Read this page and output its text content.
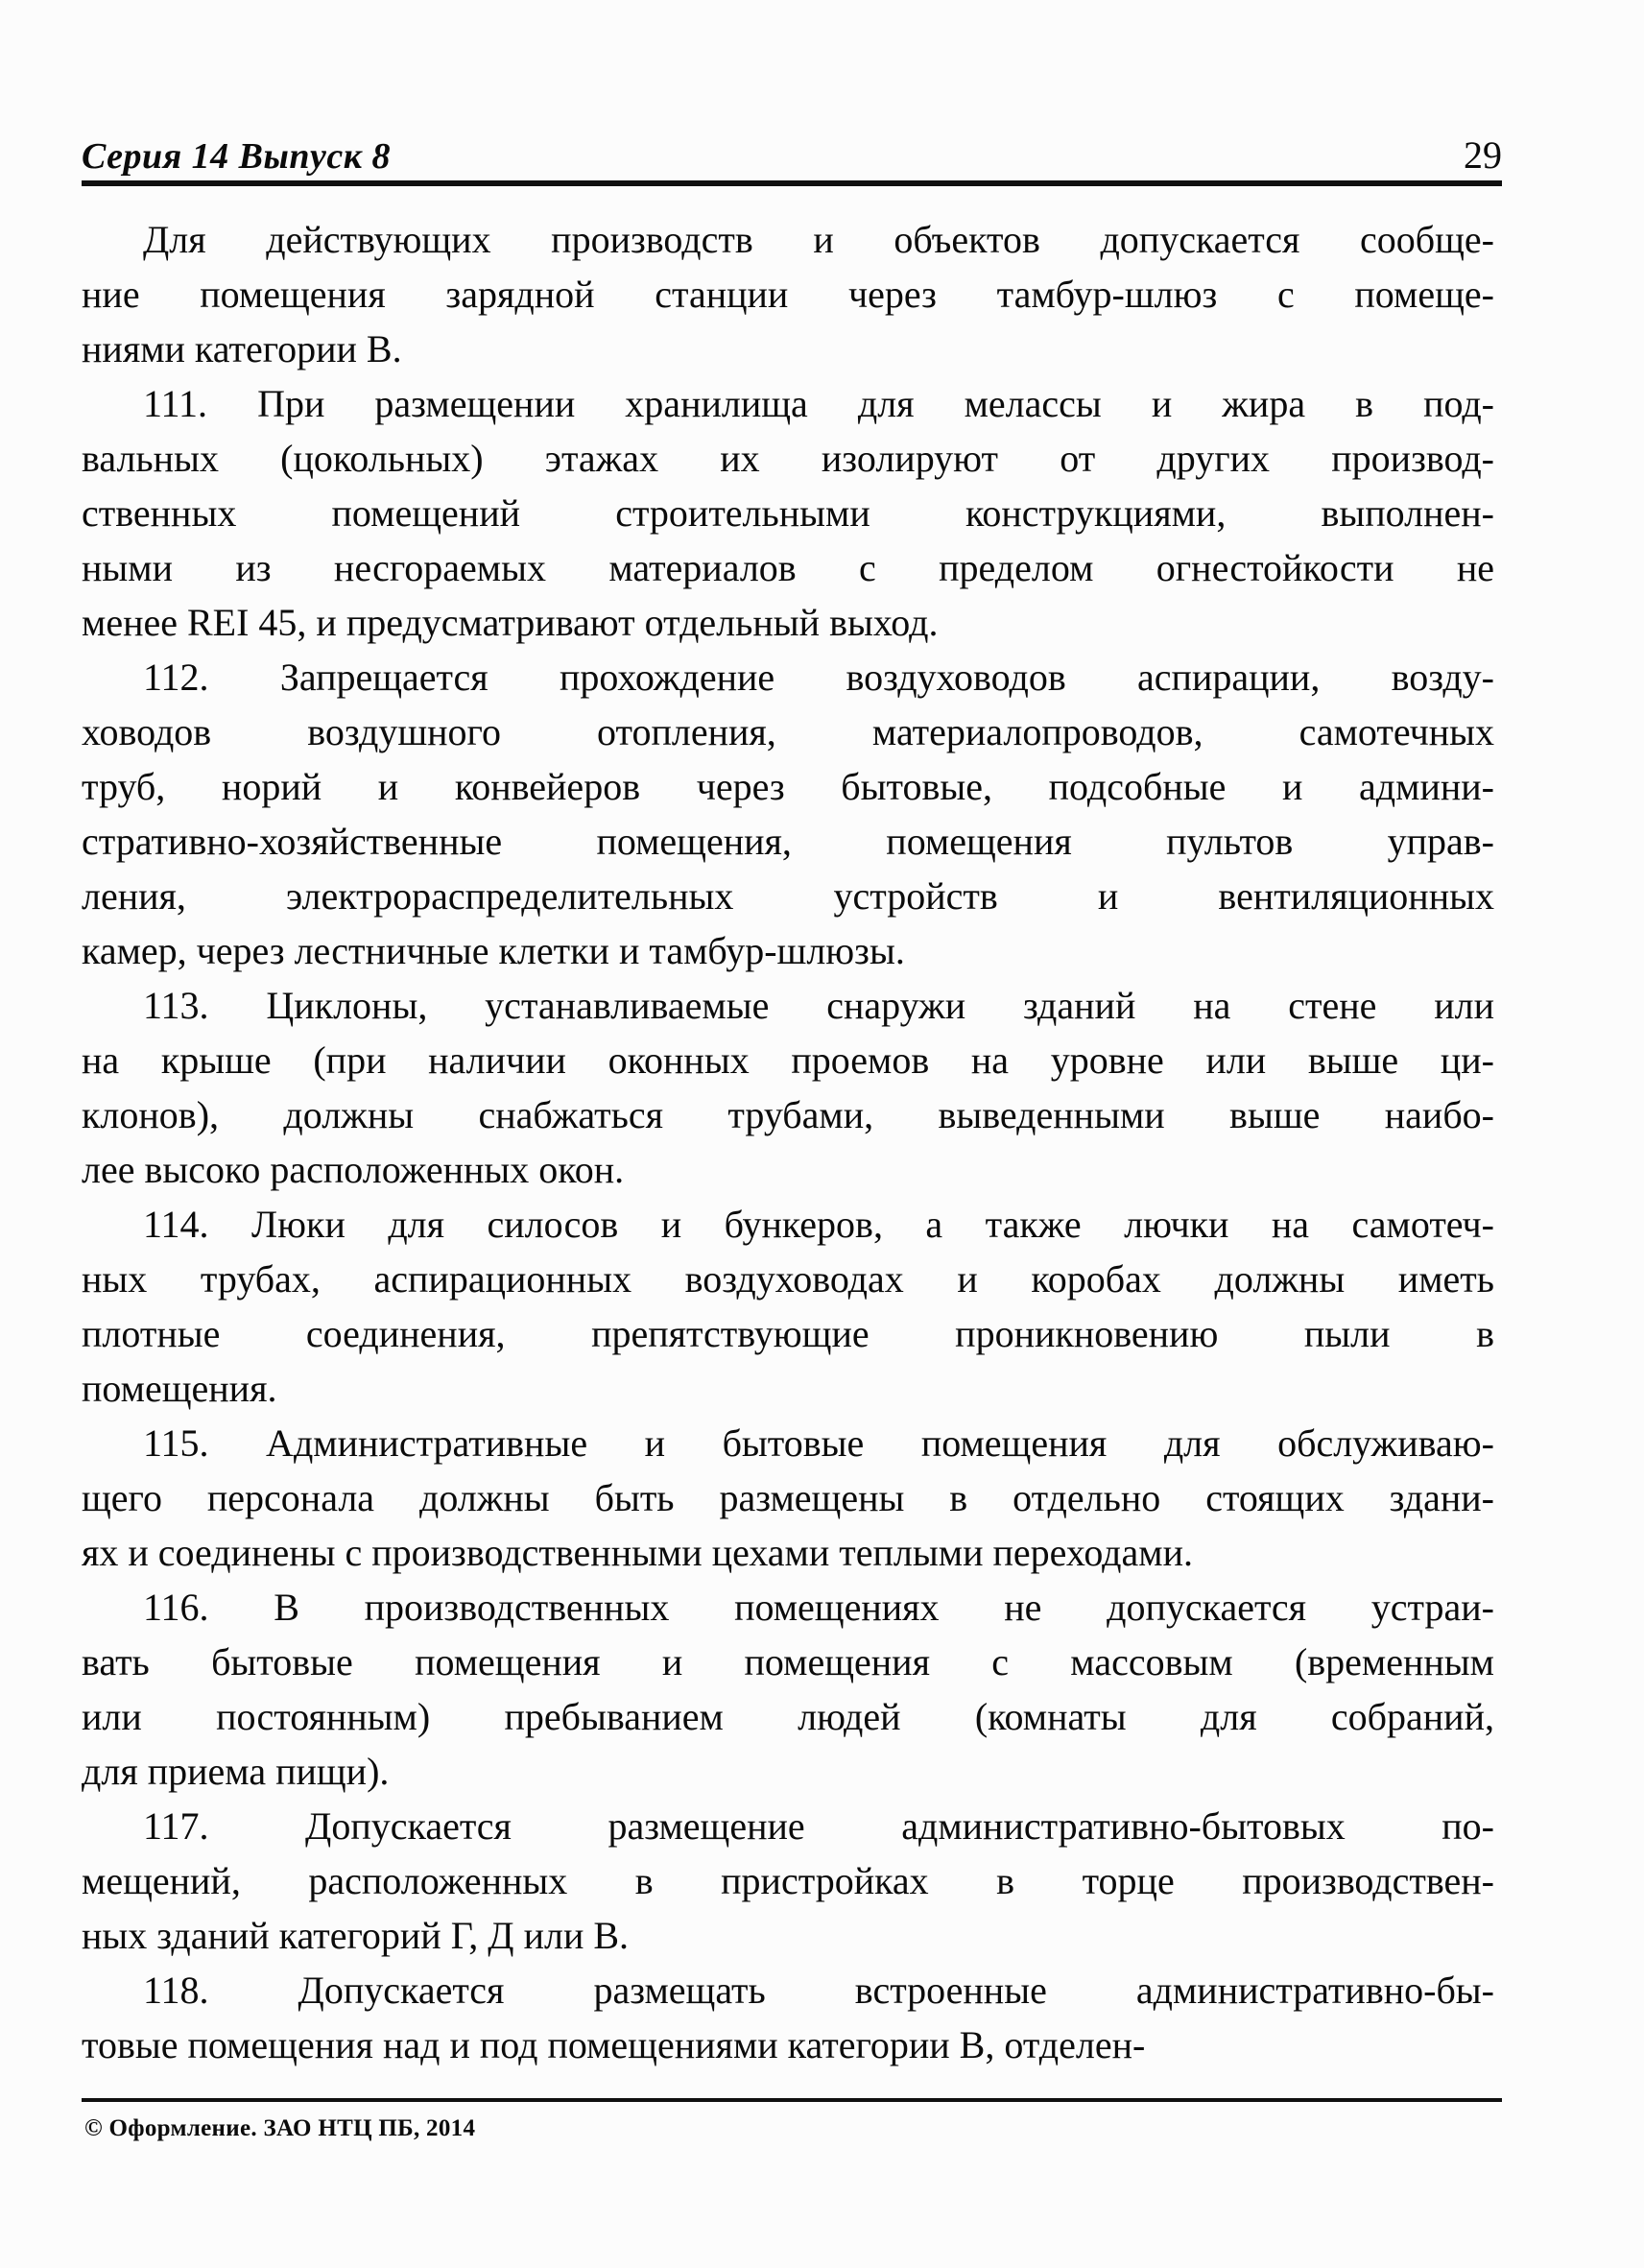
Серия 14 Выпуск 8	29
Для действующих производств и объектов допускается сообще-
ние помещения зарядной станции через тамбур-шлюз с помеще-
ниями категории В.
111. При размещении хранилища для мелассы и жира в под-
вальных (цокольных) этажах их изолируют от других производ-
ственных помещений строительными конструкциями, выполнен-
ными из несгораемых материалов с пределом огнестойкости не
менее REI 45, и предусматривают отдельный выход.
112. Запрещается прохождение воздуховодов аспирации, возду-
ховодов воздушного отопления, материалопроводов, самотечных
труб, норий и конвейеров через бытовые, подсобные и админи-
стративно-хозяйственные помещения, помещения пультов управ-
ления, электрораспределительных устройств и вентиляционных
камер, через лестничные клетки и тамбур-шлюзы.
113. Циклоны, устанавливаемые снаружи зданий на стене или
на крыше (при наличии оконных проемов на уровне или выше ци-
клонов), должны снабжаться трубами, выведенными выше наибо-
лее высоко расположенных окон.
114. Люки для силосов и бункеров, а также лючки на самотеч-
ных трубах, аспирационных воздуховодах и коробах должны иметь
плотные соединения, препятствующие проникновению пыли в
помещения.
115. Административные и бытовые помещения для обслуживаю-
щего персонала должны быть размещены в отдельно стоящих здани-
ях и соединены с производственными цехами теплыми переходами.
116. В производственных помещениях не допускается устраи-
вать бытовые помещения и помещения с массовым (временным
или постоянным) пребыванием людей (комнаты для собраний,
для приема пищи).
117. Допускается размещение административно-бытовых по-
мещений, расположенных в пристройках в торце производствен-
ных зданий категорий Г, Д или В.
118. Допускается размещать встроенные административно-бы-
товые помещения над и под помещениями категории В, отделен-
© Оформление. ЗАО НТЦ ПБ, 2014
